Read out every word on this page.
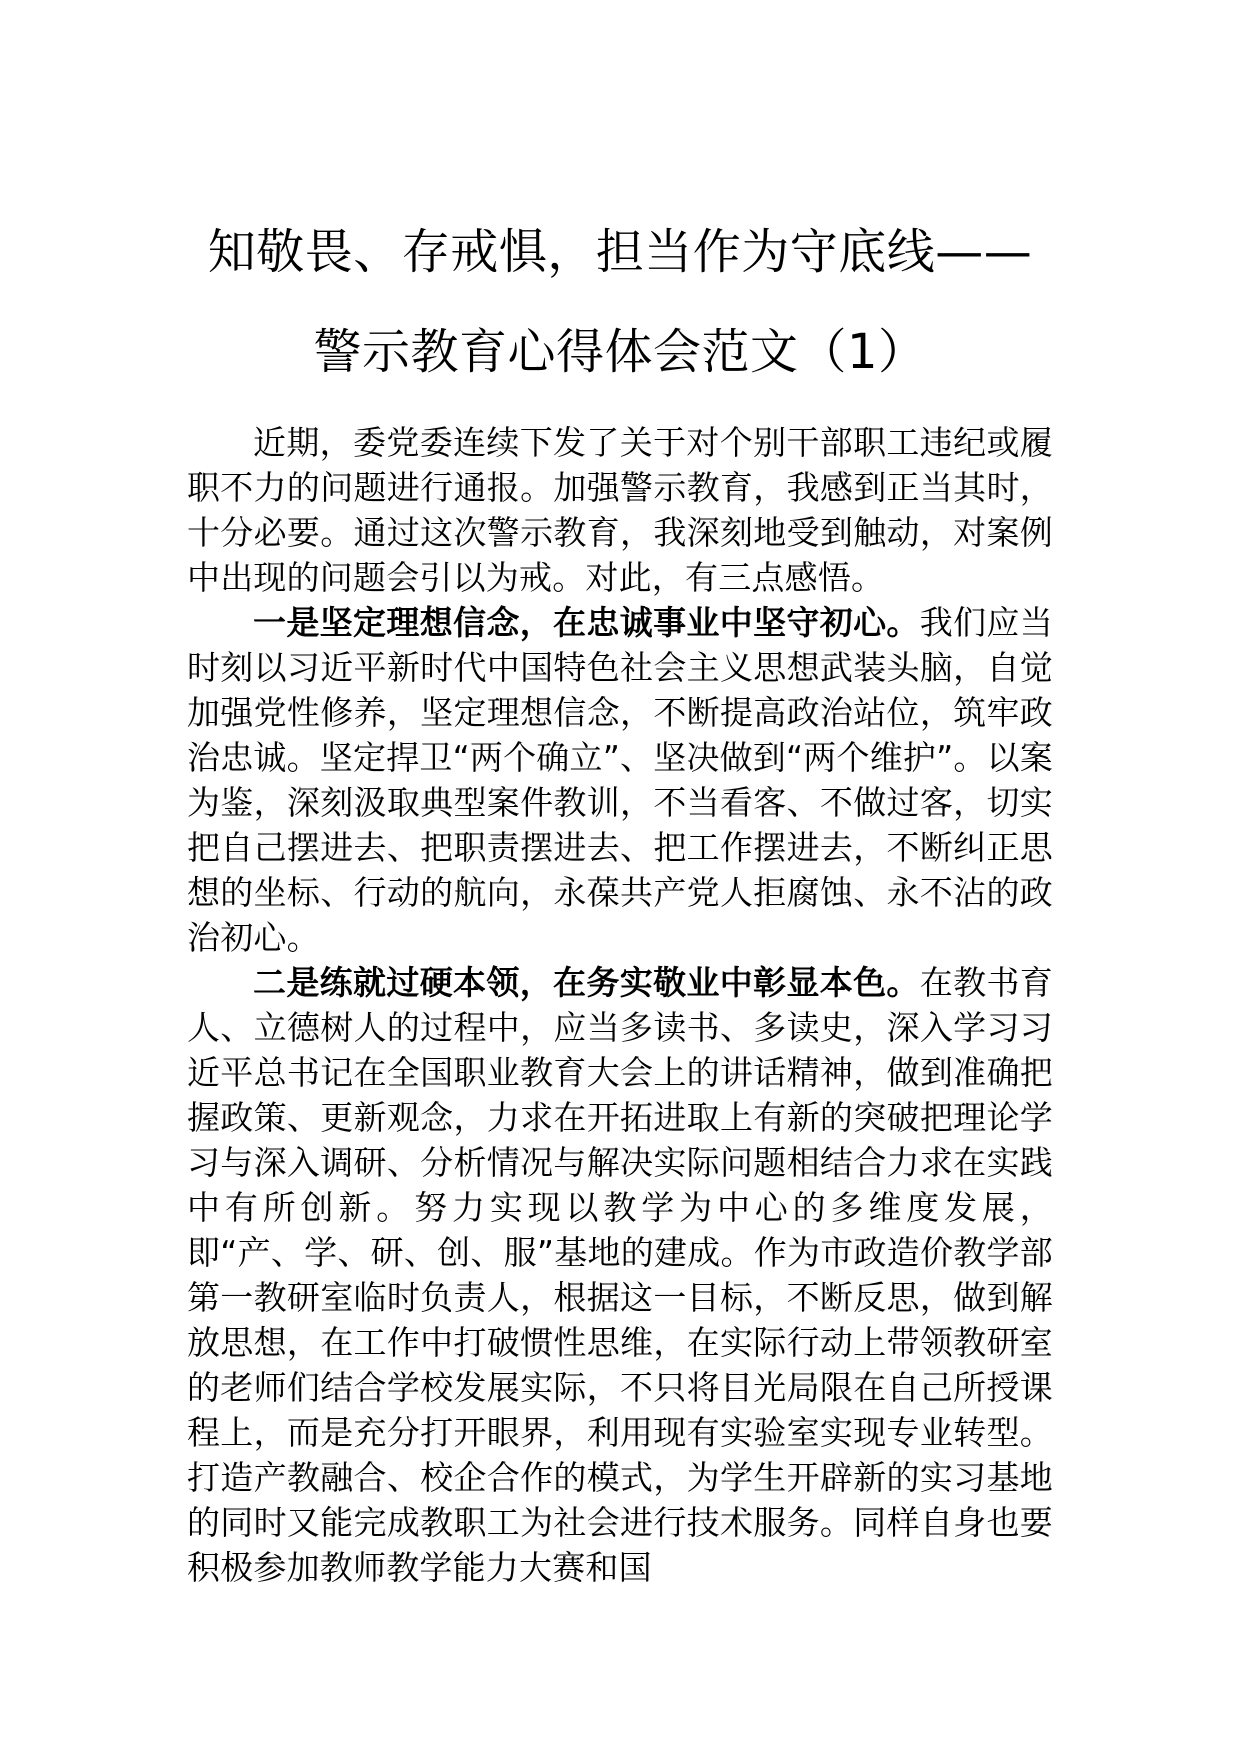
知敬畏、存戒惧，担当作为守底线——警示教育心得体会范文（1）

近期，委党委连续下发了关于对个别干部职工违纪或履职不力的问题进行通报。加强警示教育，我感到正当其时，十分必要。通过这次警示教育，我深刻地受到触动，对案例中出现的问题会引以为戒。对此，有三点感悟。

一是坚定理想信念，在忠诚事业中坚守初心。我们应当时刻以习近平新时代中国特色社会主义思想武装头脑，自觉加强党性修养，坚定理想信念，不断提高政治站位，筑牢政治忠诚。坚定捍卫“两个确立”、坚决做到“两个维护”。以案为鉴，深刻汲取典型案件教训，不当看客、不做过客，切实把自己摆进去、把职责摆进去、把工作摆进去，不断纠正思想的坐标、行动的航向，永葆共产党人拒腐蚀、永不沾的政治初心。

二是练就过硬本领，在务实敬业中彰显本色。在教书育人、立德树人的过程中，应当多读书、多读史，深入学习习近平总书记在全国职业教育大会上的讲话精神，做到准确把握政策、更新观念，力求在开拓进取上有新的突破把理论学习与深入调研、分析情况与解决实际问题相结合力求在实践中有所创新。努力实现以教学为中心的多维度发展，即“产、学、研、创、服”基地的建成。作为市政造价教学部第一教研室临时负责人，根据这一目标，不断反思，做到解放思想，在工作中打破惯性思维，在实际行动上带领教研室的老师们结合学校发展实际，不只将目光局限在自己所授课程上，而是充分打开眼界，利用现有实验室实现专业转型。打造产教融合、校企合作的模式，为学生开辟新的实习基地的同时又能完成教职工为社会进行技术服务。同样自身也要积极参加教师教学能力大赛和国
